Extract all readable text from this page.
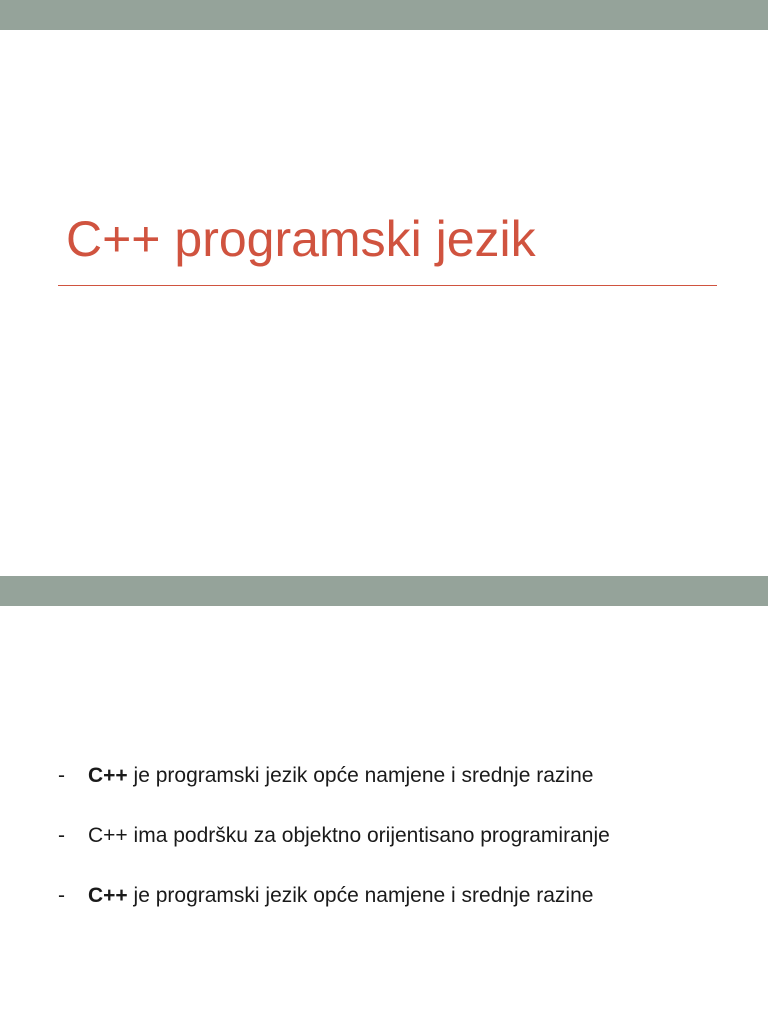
C++ programski jezik
-	C++ je programski jezik opće namjene i srednje razine
-	C++ ima podršku za objektno orijentisano programiranje
-	C++ je programski jezik opće namjene i srednje razine
